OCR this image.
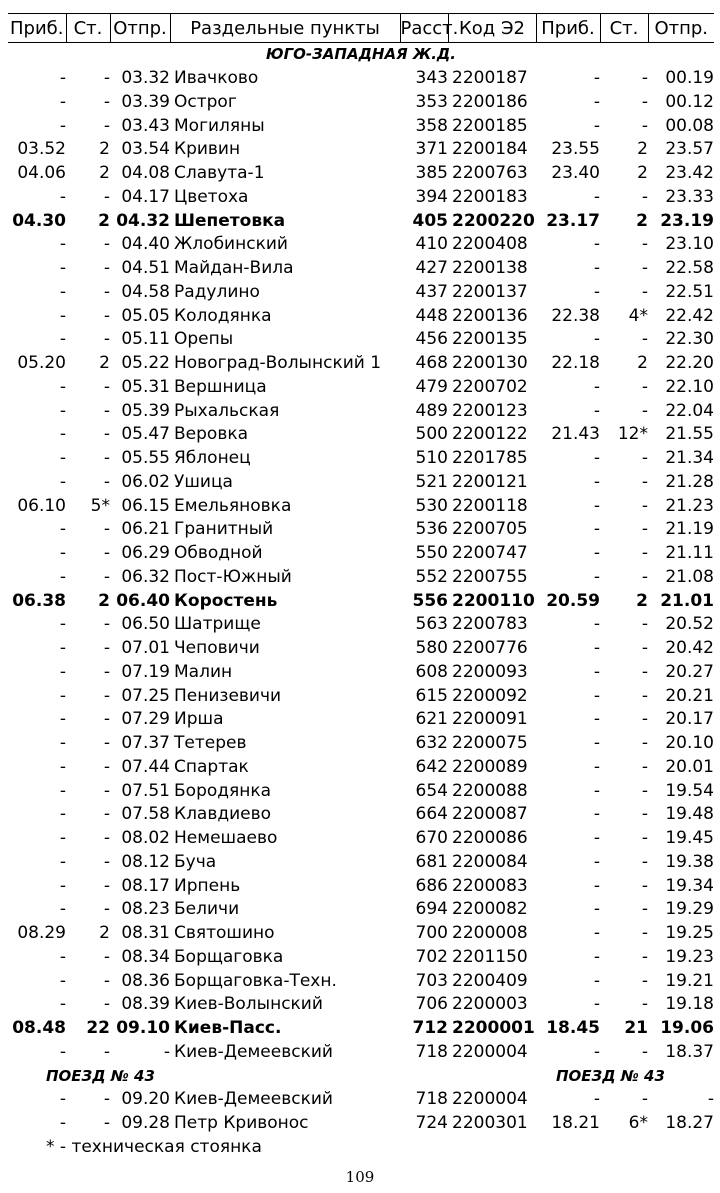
Приб.	Ст.	Отпр.	Раздельные пункты	Расст.	Код Э2	Приб.	Ст.	Отпр.
ЮГО-ЗАПАДНАЯ Ж.Д.								
-	-	03.32	Ивачково	343	2200187	-	-	00.19
-	-	03.39	Острог	353	2200186	-	-	00.12
-	-	03.43	Могиляны	358	2200185	-	-	00.08
03.52	2	03.54	Кривин	371	2200184	23.55	2	23.57
04.06	2	04.08	Славута-1	385	2200763	23.40	2	23.42
-	-	04.17	Цветоха	394	2200183	-	-	23.33
04.30	2	04.32	Шепетовка	405	2200220	23.17	2	23.19
-	-	04.40	Жлобинский	410	2200408	-	-	23.10
-	-	04.51	Майдан-Вила	427	2200138	-	-	22.58
-	-	04.58	Радулино	437	2200137	-	-	22.51
-	-	05.05	Колодянка	448	2200136	22.38	4*	22.42
-	-	05.11	Орепы	456	2200135	-	-	22.30
05.20	2	05.22	Новоград-Волынский 1	468	2200130	22.18	2	22.20
-	-	05.31	Вершница	479	2200702	-	-	22.10
-	-	05.39	Рыхальская	489	2200123	-	-	22.04
-	-	05.47	Веровка	500	2200122	21.43	12*	21.55
-	-	05.55	Яблонец	510	2201785	-	-	21.34
-	-	06.02	Ушица	521	2200121	-	-	21.28
06.10	5*	06.15	Емельяновка	530	2200118	-	-	21.23
-	-	06.21	Гранитный	536	2200705	-	-	21.19
-	-	06.29	Обводной	550	2200747	-	-	21.11
-	-	06.32	Пост-Южный	552	2200755	-	-	21.08
06.38	2	06.40	Коростень	556	2200110	20.59	2	21.01
-	-	06.50	Шатрище	563	2200783	-	-	20.52
-	-	07.01	Чеповичи	580	2200776	-	-	20.42
-	-	07.19	Малин	608	2200093	-	-	20.27
-	-	07.25	Пенизевичи	615	2200092	-	-	20.21
-	-	07.29	Ирша	621	2200091	-	-	20.17
-	-	07.37	Тетерев	632	2200075	-	-	20.10
-	-	07.44	Спартак	642	2200089	-	-	20.01
-	-	07.51	Бородянка	654	2200088	-	-	19.54
-	-	07.58	Клавдиево	664	2200087	-	-	19.48
-	-	08.02	Немешаево	670	2200086	-	-	19.45
-	-	08.12	Буча	681	2200084	-	-	19.38
-	-	08.17	Ирпень	686	2200083	-	-	19.34
-	-	08.23	Беличи	694	2200082	-	-	19.29
08.29	2	08.31	Святошино	700	2200008	-	-	19.25
-	-	08.34	Борщаговка	702	2201150	-	-	19.23
-	-	08.36	Борщаговка-Техн.	703	2200409	-	-	19.21
-	-	08.39	Киев-Волынский	706	2200003	-	-	19.18
08.48	22	09.10	Киев-Пасс.	712	2200001	18.45	21	19.06
-	-	-	Киев-Демеевский	718	2200004	-	-	18.37
ПОЕЗД № 43						ПОЕЗД № 43		
-	-	09.20	Киев-Демеевский	718	2200004	-	-	-
-	-	09.28	Петр Кривонос	724	2200301	18.21	6*	18.27
* - техническая стоянка								
109
